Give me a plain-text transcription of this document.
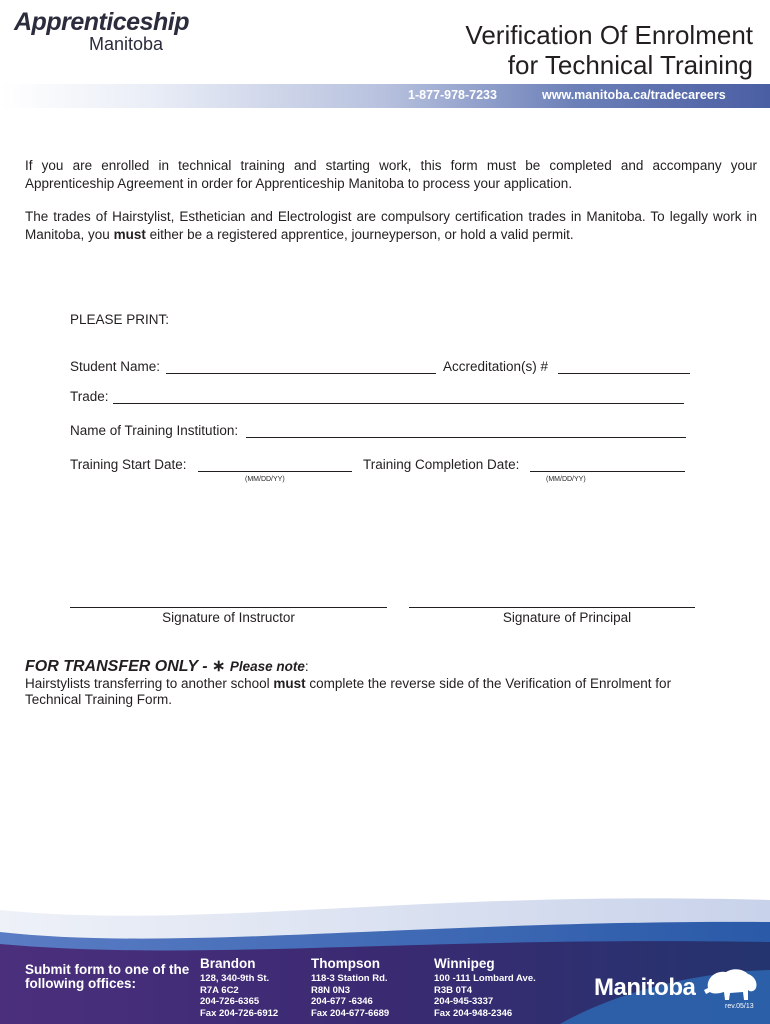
Apprenticeship
Manitoba	Verification Of Enrolment
for Technical Training
1-877-978-7233	www.manitoba.ca/tradecareers
If you are enrolled in technical training and starting work, this form must be completed and accompany your Apprenticeship Agreement in order for Apprenticeship Manitoba to process your application.
The trades of Hairstylist, Esthetician and Electrologist are compulsory certification trades in Manitoba. To legally work in Manitoba, you must either be a registered apprentice, journeyperson, or hold a valid permit.
PLEASE PRINT:
Student Name:	Accreditation(s) #
Trade:
Name of Training Institution:
Training Start Date:
(MM/DD/YY)
Training Completion Date:
(MM/DD/YY)
Signature of Instructor	Signature of Principal
FOR TRANSFER ONLY - ∗ Please note:
Hairstylists transferring to another school must complete the reverse side of the Verification of Enrolment for Technical Training Form.
Submit form to one of the following offices:
Brandon
128, 340-9th St.
R7A 6C2
204-726-6365
Fax 204-726-6912
Thompson
118-3 Station Rd.
R8N 0N3
204-677 -6346
Fax 204-677-6689
Winnipeg
100 -111 Lombard Ave.
R3B 0T4
204-945-3337
Fax 204-948-2346
Manitoba
rev.05/13
